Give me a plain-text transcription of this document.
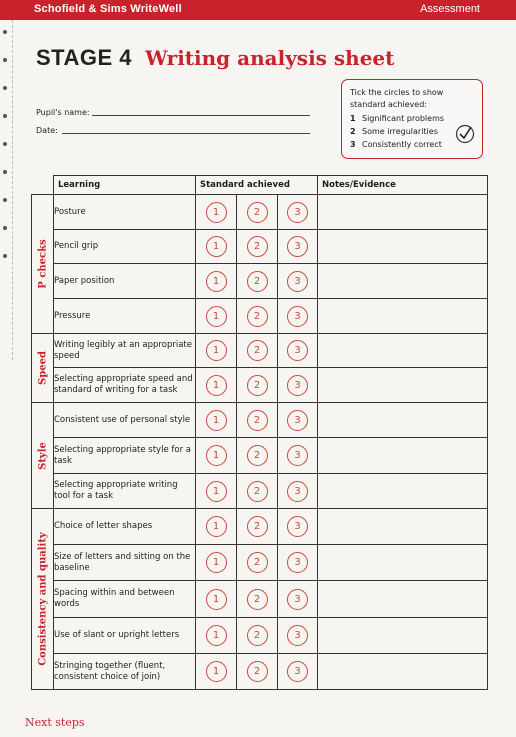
Schofield & Sims WriteWell	Assessment
STAGE 4 Writing analysis sheet
Pupil's name:
Date:
Tick the circles to show
standard achieved:
1 Significant problems
2 Some irregularities
3 Consistently correct
	Learning	Standard achieved			Notes/Evidence

P checks	Posture	1	2	3	
	Pencil grip	1	2	3	
	Paper position	1	2	3	
	Pressure	1	2	3	

Speed	Writing legibly at an appropriate speed	1	2	3	
	Selecting appropriate speed and standard of writing for a task	1	2	3	

Style	Consistent use of personal style	1	2	3	
	Selecting appropriate style for a task	1	2	3	
	Selecting appropriate writing tool for a task	1	2	3	

Consistency and quality	Choice of letter shapes	1	2	3	
	Size of letters and sitting on the baseline	1	2	3	
	Spacing within and between words	1	2	3	
	Use of slant or upright letters	1	2	3	
	Stringing together (fluent, consistent choice of join)	1	2	3	
Next steps
